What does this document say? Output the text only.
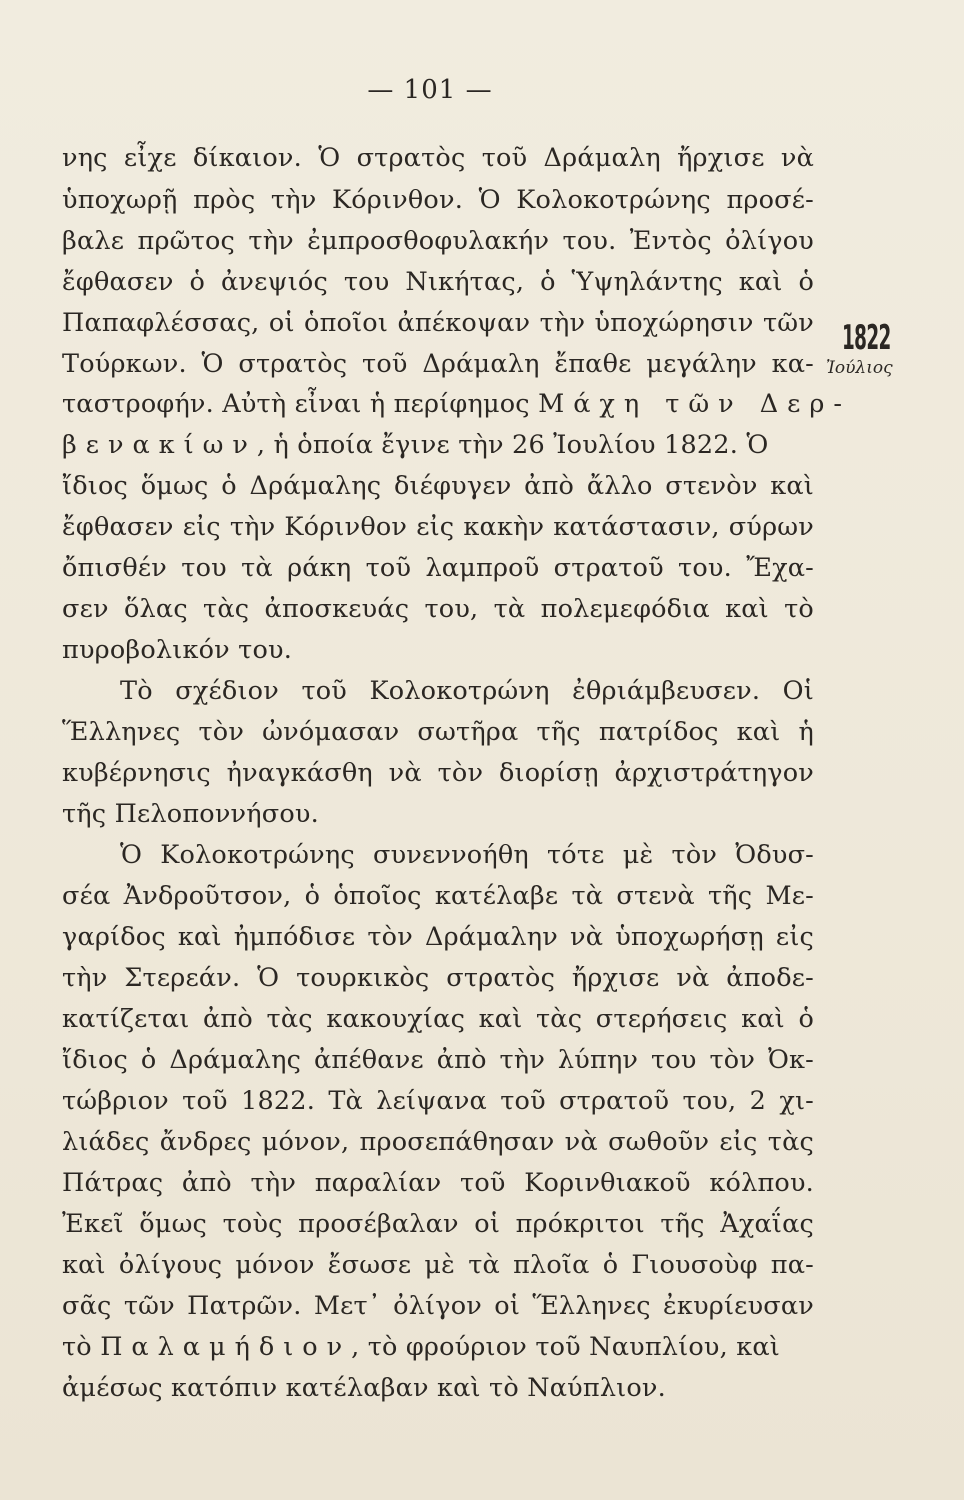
— 101 —
1822
Ἰούλιος
νης εἶχε δίκαιον. Ὁ στρατὸς τοῦ Δράμαλη ἤρχισε νὰ
ὑποχωρῇ πρὸς τὴν Κόρινθον. Ὁ Κολοκοτρώνης προσέ-
βαλε πρῶτος τὴν ἐμπροσθοφυλακήν του. Ἐντὸς ὀλίγου
ἔφθασεν ὁ ἀνεψιός του Νικήτας, ὁ Ὑψηλάντης καὶ ὁ
Παπαφλέσσας, οἱ ὁποῖοι ἀπέκοψαν τὴν ὑποχώρησιν τῶν
Τούρκων. Ὁ στρατὸς τοῦ Δράμαλη ἔπαθε μεγάλην κα-
ταστροφήν. Αὐτὴ εἶναι ἡ περίφημος Μάχη τῶν Δερ-
βενακίων, ἡ ὁποία ἔγινε τὴν 26 Ἰουλίου 1822. Ὁ
ἴδιος ὅμως ὁ Δράμαλης διέφυγεν ἀπὸ ἄλλο στενὸν καὶ
ἔφθασεν εἰς τὴν Κόρινθον εἰς κακὴν κατάστασιν, σύρων
ὄπισθέν του τὰ ράκη τοῦ λαμπροῦ στρατοῦ του. Ἔχα-
σεν ὅλας τὰς ἀποσκευάς του, τὰ πολεμεφόδια καὶ τὸ
πυροβολικόν του.
Τὸ σχέδιον τοῦ Κολοκοτρώνη ἐθριάμβευσεν. Οἱ
Ἕλληνες τὸν ὠνόμασαν σωτῆρα τῆς πατρίδος καὶ ἡ
κυβέρνησις ἠναγκάσθη νὰ τὸν διορίσῃ ἀρχιστράτηγον
τῆς Πελοποννήσου.
Ὁ Κολοκοτρώνης συνεννοήθη τότε μὲ τὸν Ὀδυσ-
σέα Ἀνδροῦτσον, ὁ ὁποῖος κατέλαβε τὰ στενὰ τῆς Με-
γαρίδος καὶ ἠμπόδισε τὸν Δράμαλην νὰ ὑποχωρήσῃ εἰς
τὴν Στερεάν. Ὁ τουρκικὸς στρατὸς ἤρχισε νὰ ἀποδε-
κατίζεται ἀπὸ τὰς κακουχίας καὶ τὰς στερήσεις καὶ ὁ
ἴδιος ὁ Δράμαλης ἀπέθανε ἀπὸ τὴν λύπην του τὸν Ὀκ-
τώβριον τοῦ 1822. Τὰ λείψανα τοῦ στρατοῦ του, 2 χι-
λιάδες ἄνδρες μόνον, προσεπάθησαν νὰ σωθοῦν εἰς τὰς
Πάτρας ἀπὸ τὴν παραλίαν τοῦ Κορινθιακοῦ κόλπου.
Ἐκεῖ ὅμως τοὺς προσέβαλαν οἱ πρόκριτοι τῆς Ἀχαΐας
καὶ ὀλίγους μόνον ἔσωσε μὲ τὰ πλοῖα ὁ Γιουσοὺφ πα-
σᾶς τῶν Πατρῶν. Μετ᾽ ὀλίγον οἱ Ἕλληνες ἐκυρίευσαν
τὸ Παλαμήδιον, τὸ φρούριον τοῦ Ναυπλίου, καὶ
ἀμέσως κατόπιν κατέλαβαν καὶ τὸ Ναύπλιον.
